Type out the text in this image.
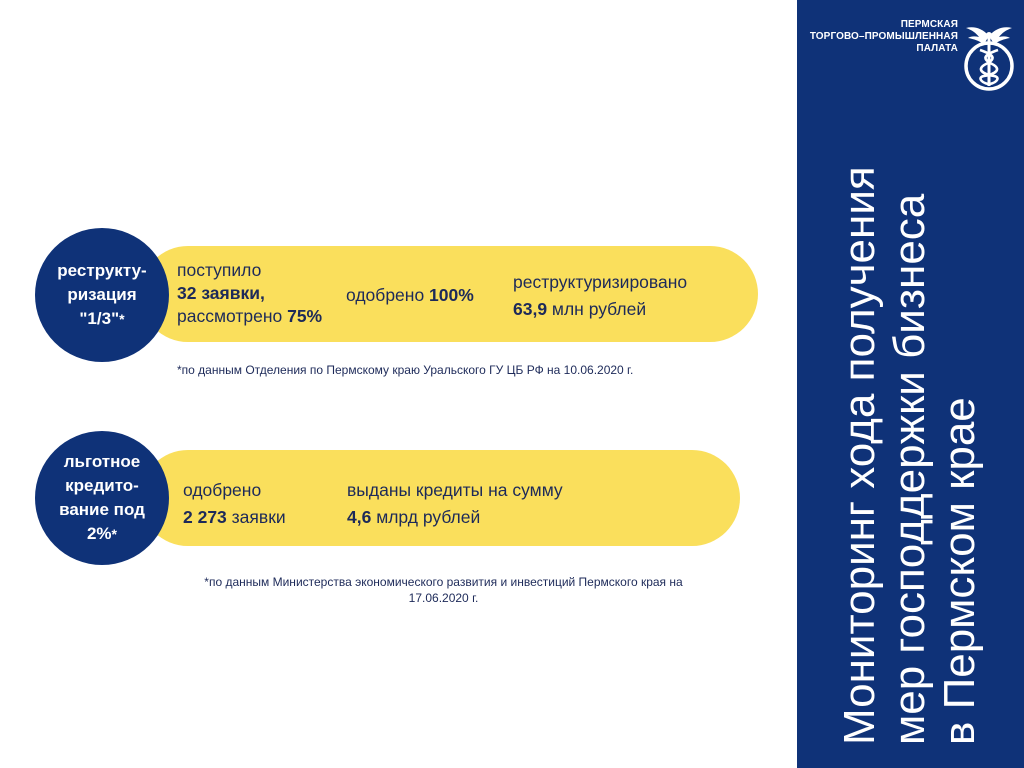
ПЕРМСКАЯ
ТОРГОВО–ПРОМЫШЛЕННАЯ
ПАЛАТА
Мониторинг хода получения мер господдержки бизнеса в Пермском крае
реструкту-
ризация
"1/3"*
поступило
32 заявки,
рассмотрено 75%
одобрено 100%
реструктуризировано
63,9 млн рублей
*по данным Отделения по Пермскому краю Уральского ГУ ЦБ РФ на 10.06.2020 г.
льготное
кредито-
вание под
2%*
одобрено
2 273 заявки
выданы кредиты на сумму
4,6 млрд рублей
*по данным Министерства экономического развития и инвестиций Пермского края на 17.06.2020 г.
